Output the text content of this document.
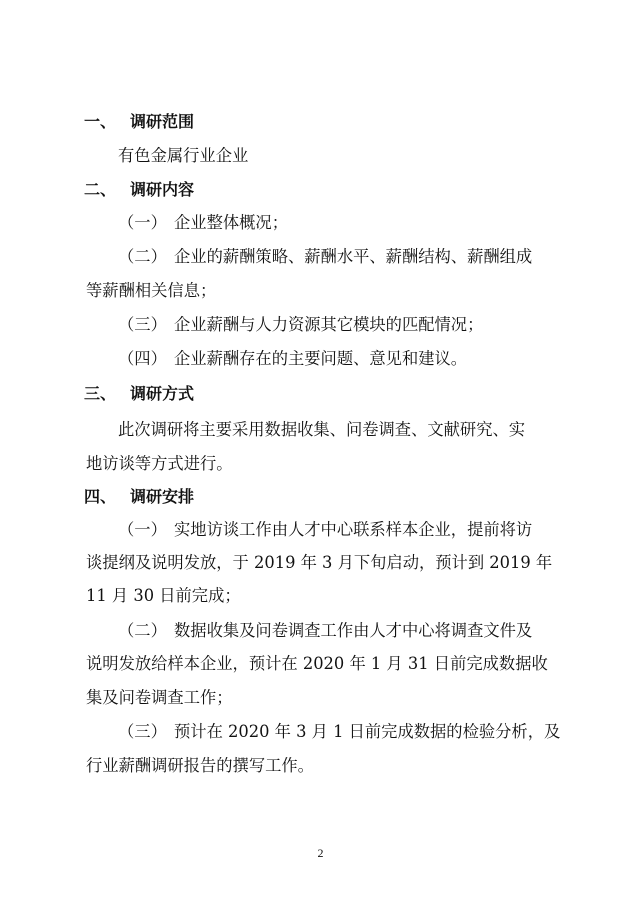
一、 调研范围
有色金属行业企业
二、 调研内容
（一） 企业整体概况；
（二） 企业的薪酬策略、薪酬水平、薪酬结构、薪酬组成
等薪酬相关信息；
（三） 企业薪酬与人力资源其它模块的匹配情况；
（四） 企业薪酬存在的主要问题、意见和建议。
三、 调研方式
此次调研将主要采用数据收集、问卷调查、文献研究、实
地访谈等方式进行。
四、 调研安排
（一） 实地访谈工作由人才中心联系样本企业，提前将访
谈提纲及说明发放，于 2019 年 3 月下旬启动，预计到 2019 年
11 月 30 日前完成；
（二） 数据收集及问卷调查工作由人才中心将调查文件及
说明发放给样本企业，预计在 2020 年 1 月 31 日前完成数据收
集及问卷调查工作；
（三） 预计在 2020 年 3 月 1 日前完成数据的检验分析，及
行业薪酬调研报告的撰写工作。
2
